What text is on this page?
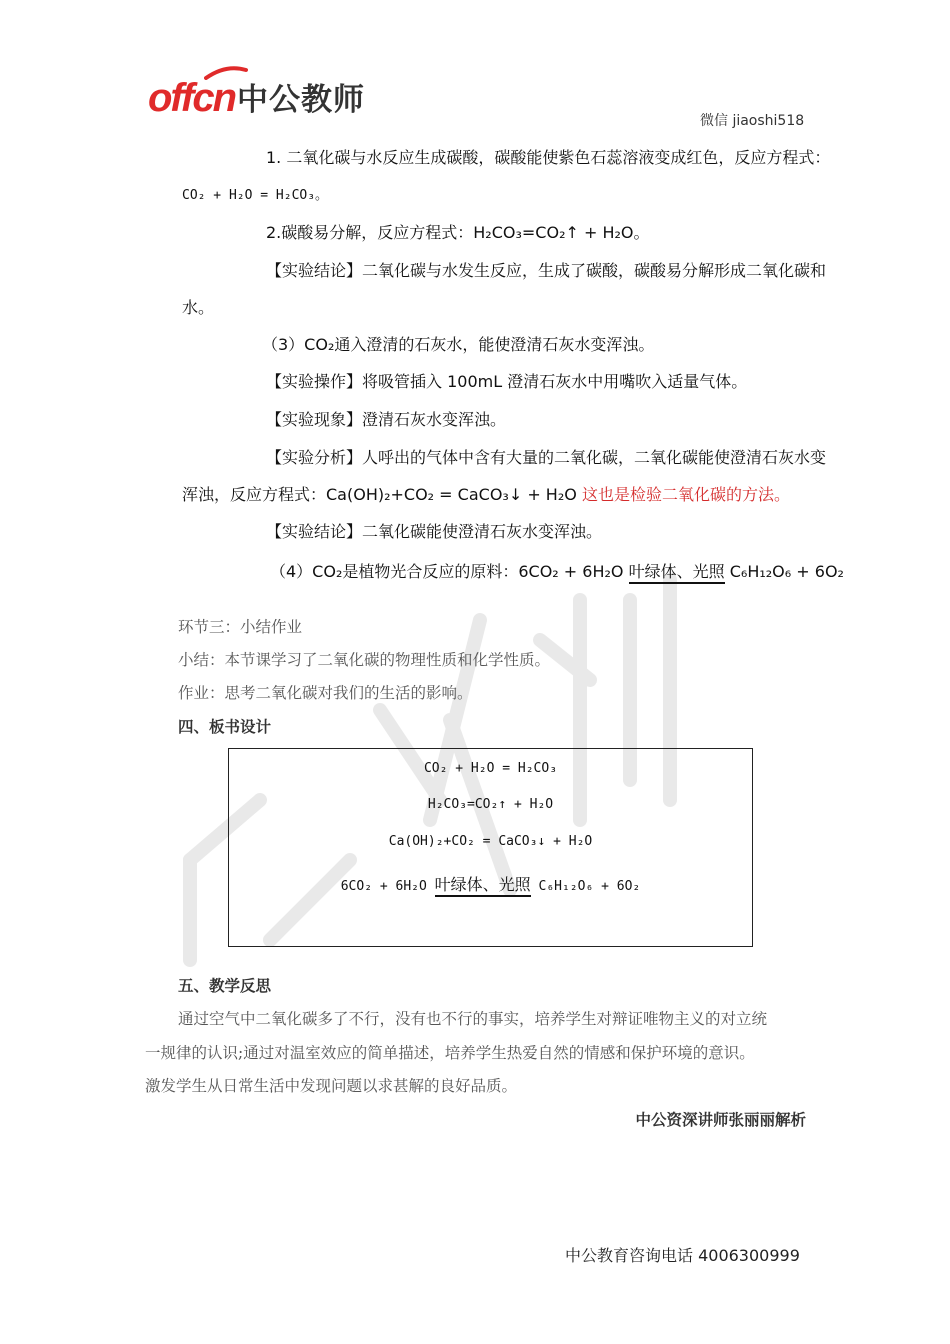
offcn 中公教师
微信 jiaoshi518
1. 二氧化碳与水反应生成碳酸，碳酸能使紫色石蕊溶液变成红色，反应方程式：
CO₂ + H₂O = H₂CO₃。
2.碳酸易分解，反应方程式：H₂CO₃=CO₂↑ + H₂O。
【实验结论】二氧化碳与水发生反应，生成了碳酸，碳酸易分解形成二氧化碳和
水。
（3）CO₂通入澄清的石灰水，能使澄清石灰水变浑浊。
【实验操作】将吸管插入 100mL 澄清石灰水中用嘴吹入适量气体。
【实验现象】澄清石灰水变浑浊。
【实验分析】人呼出的气体中含有大量的二氧化碳，二氧化碳能使澄清石灰水变
浑浊，反应方程式：Ca(OH)₂+CO₂ = CaCO₃↓ + H₂O 这也是检验二氧化碳的方法。
【实验结论】二氧化碳能使澄清石灰水变浑浊。
（4）CO₂是植物光合反应的原料：6CO₂ + 6H₂O 叶绿体、光照 C₆H₁₂O₆ + 6O₂
环节三：小结作业
小结：本节课学习了二氧化碳的物理性质和化学性质。
作业：思考二氧化碳对我们的生活的影响。
四、板书设计
CO₂ + H₂O = H₂CO₃
H₂CO₃=CO₂↑ + H₂O
Ca(OH)₂+CO₂ = CaCO₃↓ + H₂O
6CO₂ + 6H₂O 叶绿体、光照 C₆H₁₂O₆ + 6O₂
五、教学反思
通过空气中二氧化碳多了不行，没有也不行的事实，培养学生对辩证唯物主义的对立统
一规律的认识;通过对温室效应的简单描述，培养学生热爱自然的情感和保护环境的意识。
激发学生从日常生活中发现问题以求甚解的良好品质。
中公资深讲师张丽丽解析
中公教育咨询电话 4006300999
